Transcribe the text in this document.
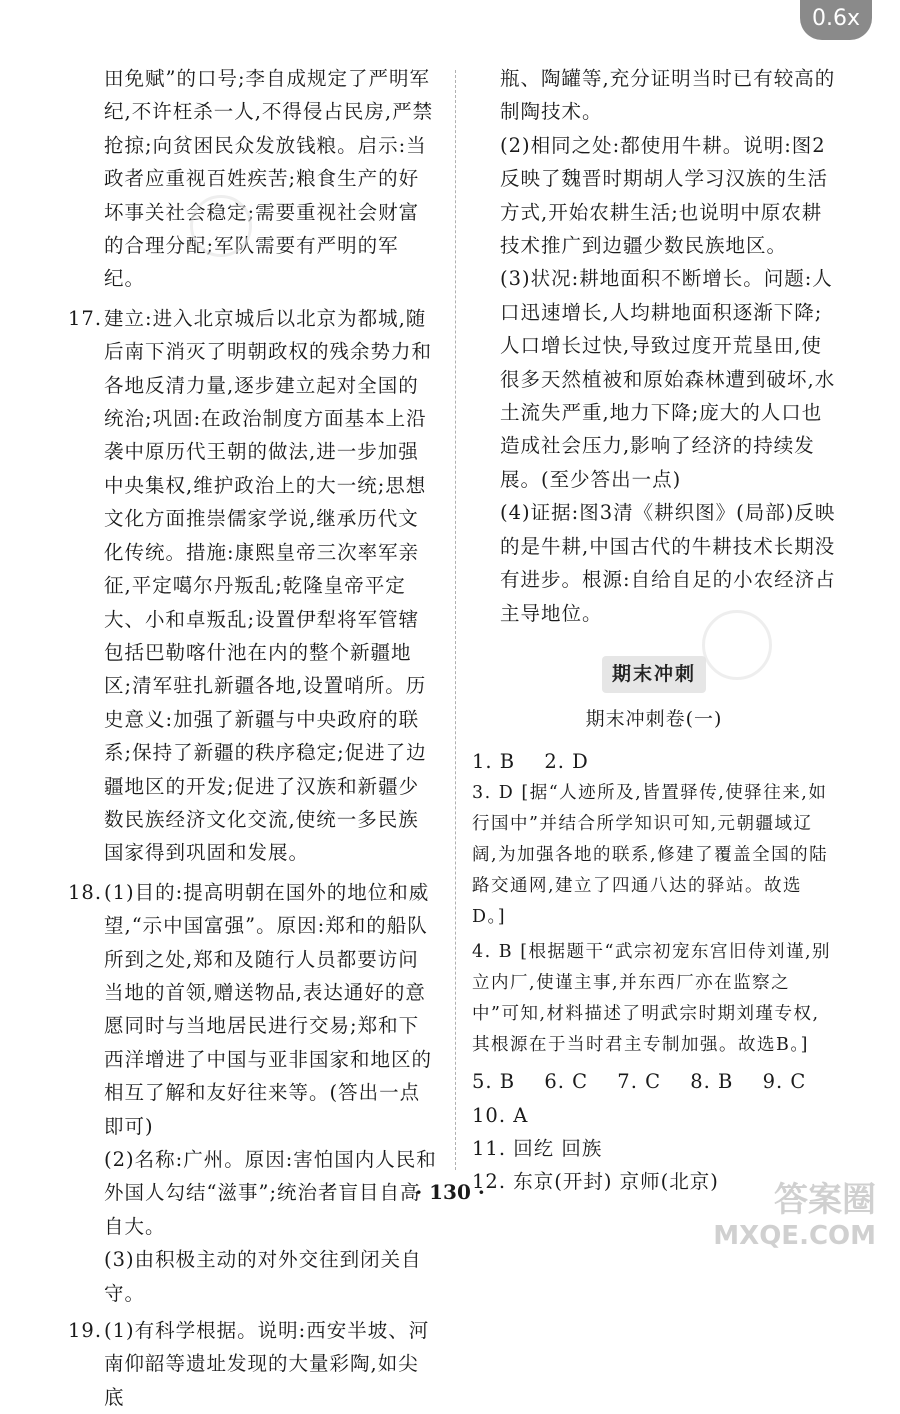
0.6x

田免赋”的口号;李自成规定了严明军纪,不许枉杀一人,不得侵占民房,严禁抢掠;向贫困民众发放钱粮。启示:当政者应重视百姓疾苦;粮食生产的好坏事关社会稳定;需要重视社会财富的合理分配;军队需要有严明的军纪。

17. 建立:进入北京城后以北京为都城,随后南下消灭了明朝政权的残余势力和各地反清力量,逐步建立起对全国的统治;巩固:在政治制度方面基本上沿袭中原历代王朝的做法,进一步加强中央集权,维护政治上的大一统;思想文化方面推崇儒家学说,继承历代文化传统。措施:康熙皇帝三次率军亲征,平定噶尔丹叛乱;乾隆皇帝平定大、小和卓叛乱;设置伊犁将军管辖包括巴勒喀什池在内的整个新疆地区;清军驻扎新疆各地,设置哨所。历史意义:加强了新疆与中央政府的联系;保持了新疆的秩序稳定;促进了边疆地区的开发;促进了汉族和新疆少数民族经济文化交流,使统一多民族国家得到巩固和发展。
18. (1)目的:提高明朝在国外的地位和威望,“示中国富强”。原因:郑和的船队所到之处,郑和及随行人员都要访问当地的首领,赠送物品,表达通好的意愿同时与当地居民进行交易;郑和下西洋增进了中国与亚非国家和地区的相互了解和友好往来等。(答出一点即可)
(2)名称:广州。原因:害怕国内人民和外国人勾结“滋事”;统治者盲目自高自大。
(3)由积极主动的对外交往到闭关自守。
19. (1)有科学根据。说明:西安半坡、河南仰韶等遗址发现的大量彩陶,如尖底
瓶、陶罐等,充分证明当时已有较高的制陶技术。
(2)相同之处:都使用牛耕。说明:图2反映了魏晋时期胡人学习汉族的生活方式,开始农耕生活;也说明中原农耕技术推广到边疆少数民族地区。
(3)状况:耕地面积不断增长。问题:人口迅速增长,人均耕地面积逐渐下降;人口增长过快,导致过度开荒垦田,使很多天然植被和原始森林遭到破坏,水土流失严重,地力下降;庞大的人口也造成社会压力,影响了经济的持续发展。(至少答出一点)
(4)证据:图3清《耕织图》(局部)反映的是牛耕,中国古代的牛耕技术长期没有进步。根源:自给自足的小农经济占主导地位。
期末冲刺
期末冲刺卷(一)
1. B 2. D
3. D [据“人迹所及,皆置驿传,使驿往来,如行国中”并结合所学知识可知,元朝疆域辽阔,为加强各地的联系,修建了覆盖全国的陆路交通网,建立了四通八达的驿站。故选D。]
4. B [根据题干“武宗初宠东宫旧侍刘谨,别立内厂,使谨主事,并东西厂亦在监察之中”可知,材料描述了明武宗时期刘瑾专权,其根源在于当时君主专制加强。故选B。]
5. B 6. C 7. C 8. B 9. C 10. A
11. 回纥 回族
12. 东京(开封) 京师(北京)
· 130 ·	答案圈
MXQE.COM
